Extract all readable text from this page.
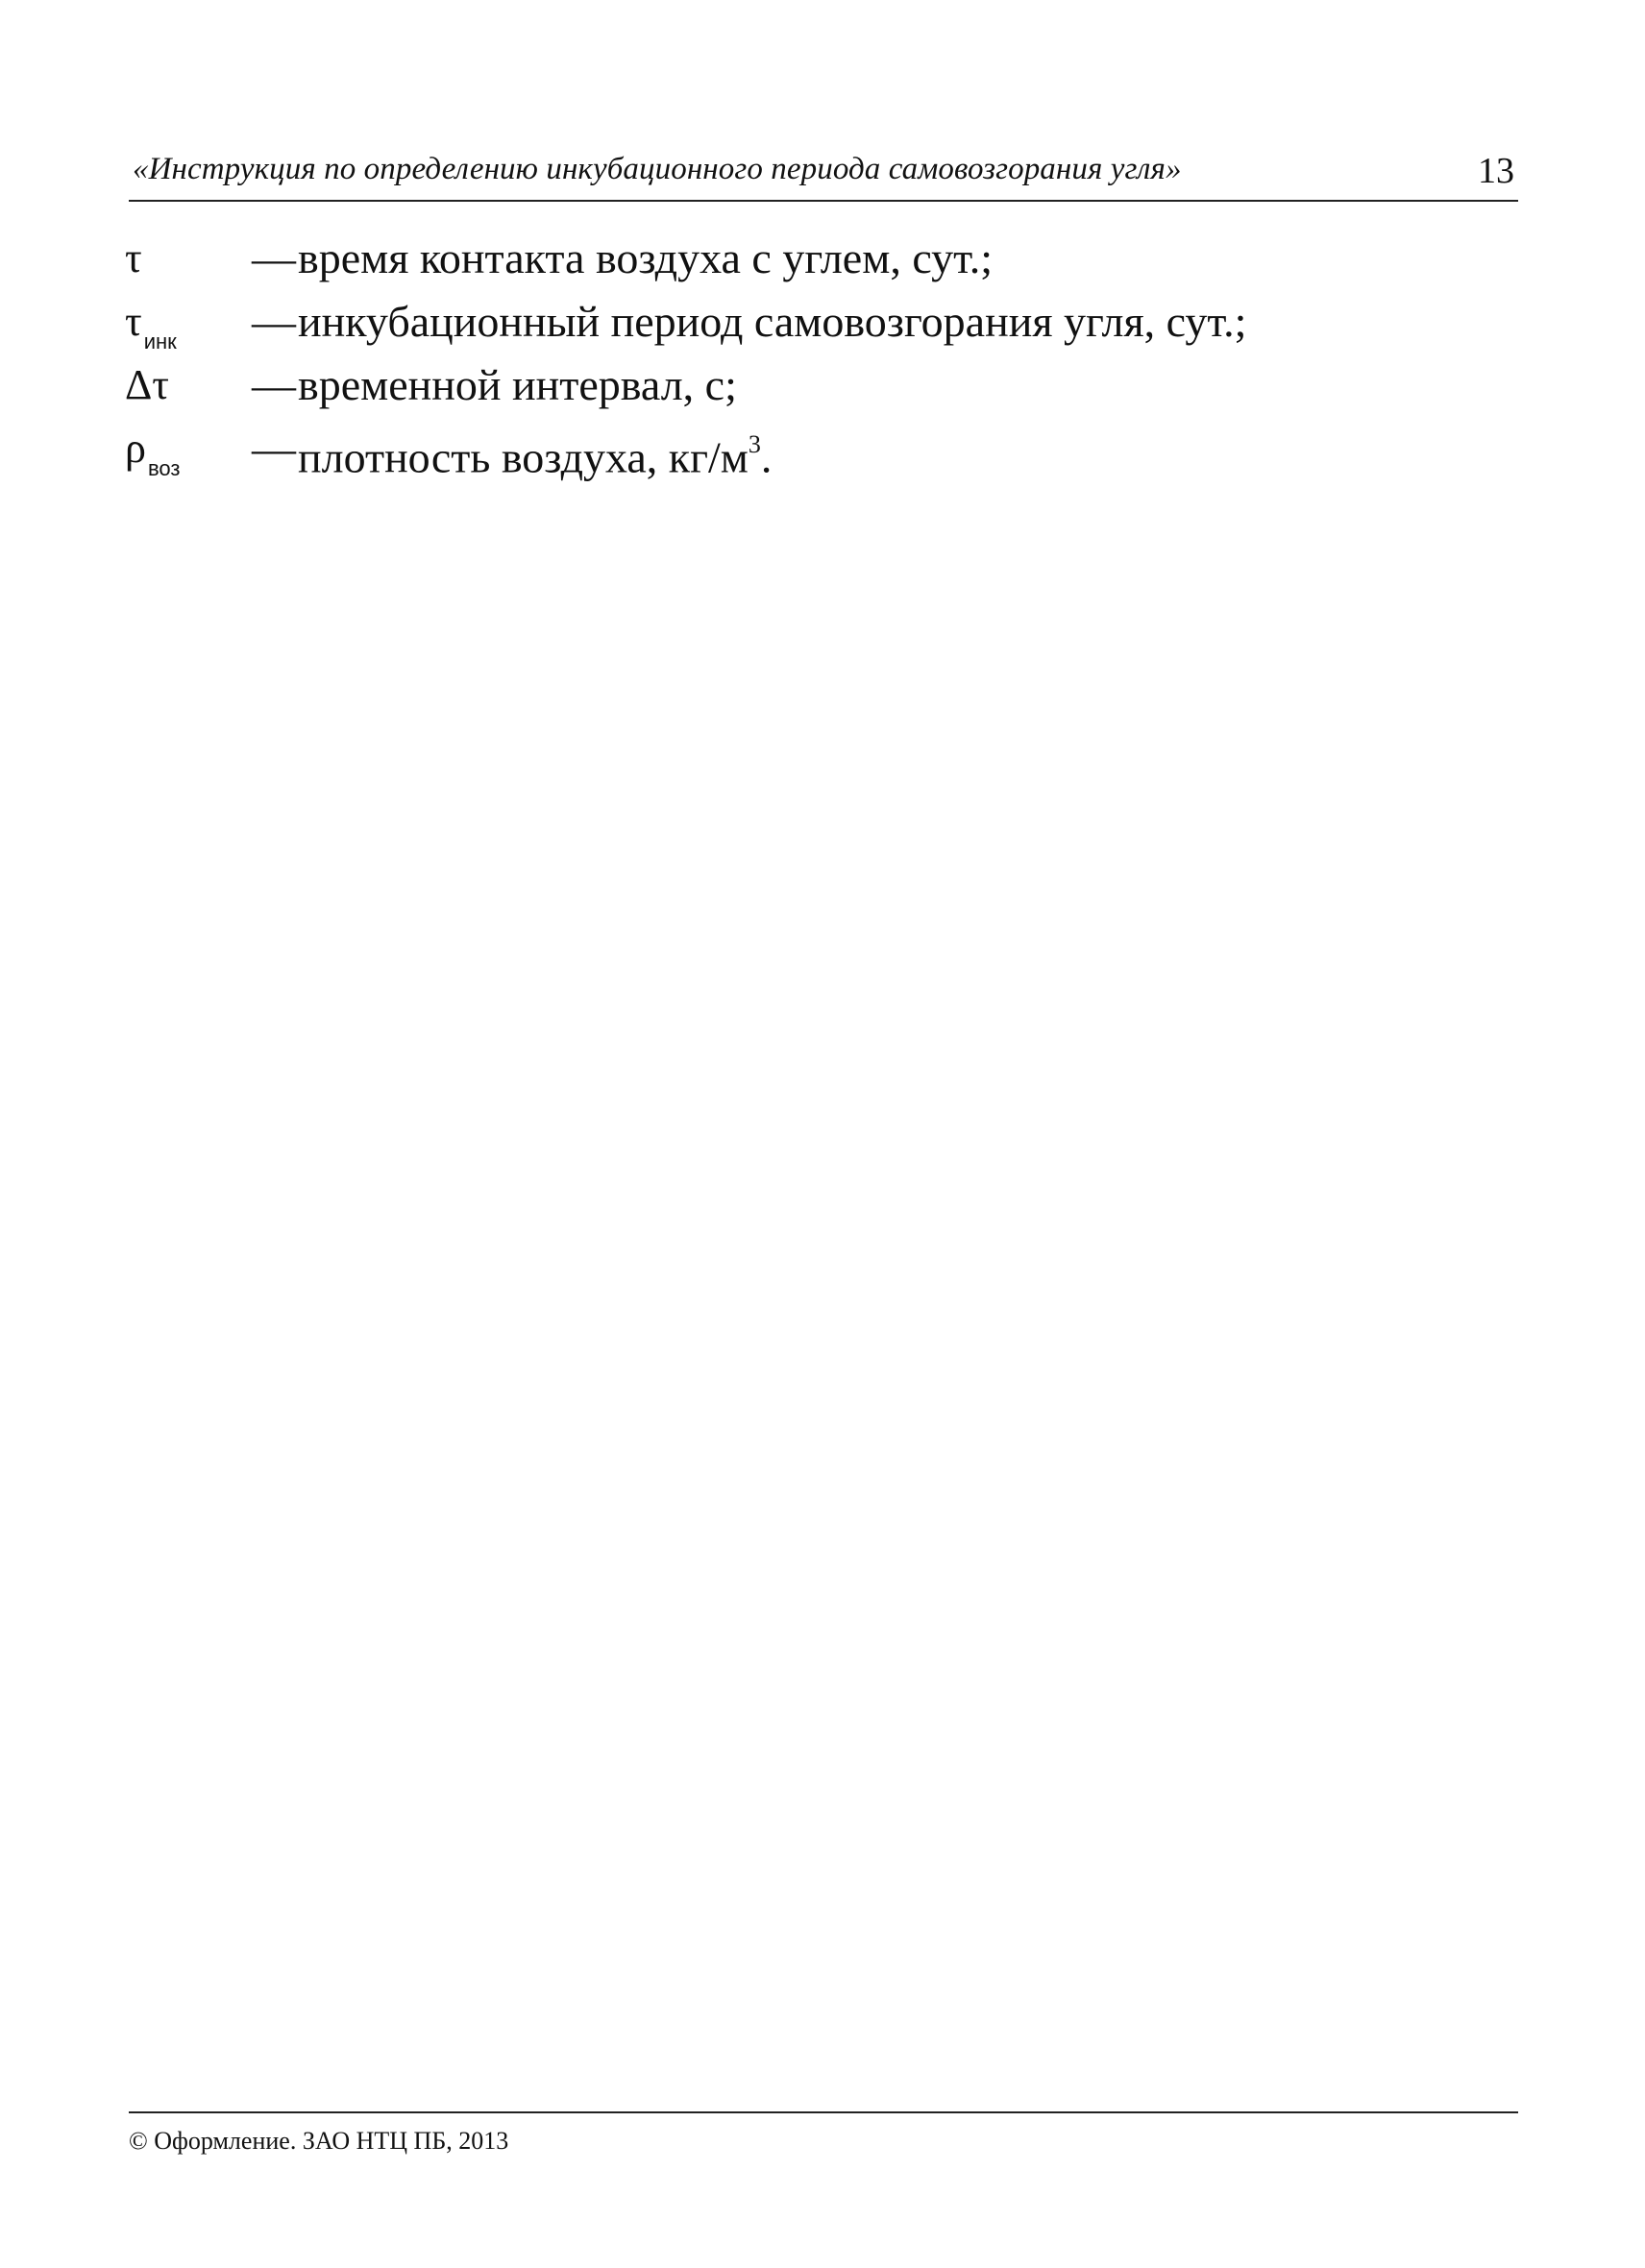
«Инструкция по определению инкубационного периода самовозгорания угля»	13
τ — время контакта воздуха с углем, сут.;
$\tau_{инк}$ — инкубационный период самовозгорания угля, сут.;
Δτ — временной интервал, с;
$\rho_{воз}$ — плотность воздуха, $кг/м^3$.
© Оформление. ЗАО НТЦ ПБ, 2013
